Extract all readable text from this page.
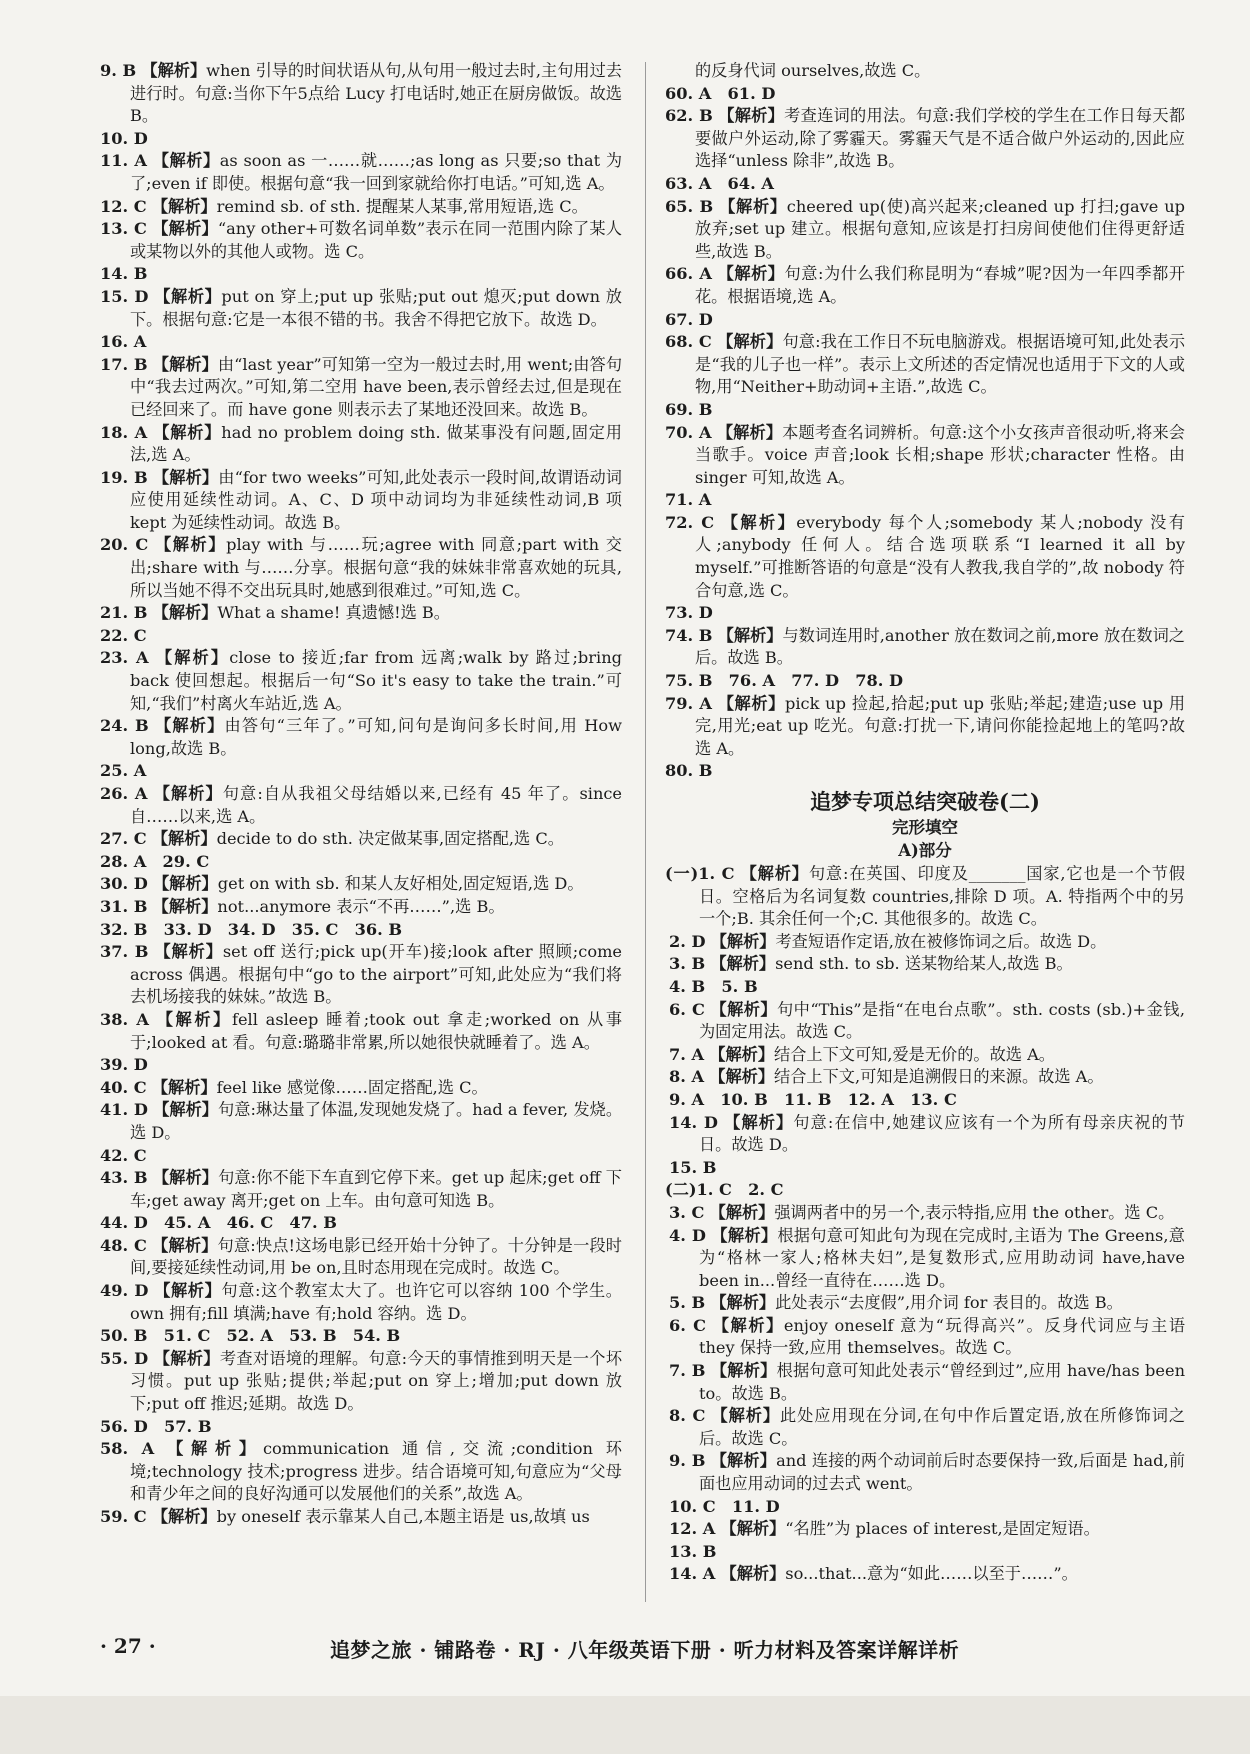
9. B 【解析】when 引导的时间状语从句,从句用一般过去时,主句用过去进行时。句意:当你下午5点给 Lucy 打电话时,她正在厨房做饭。故选 B。

10. D

11. A 【解析】as soon as 一……就……;as long as 只要;so that 为了;even if 即使。根据句意“我一回到家就给你打电话。”可知,选 A。

12. C 【解析】remind sb. of sth. 提醒某人某事,常用短语,选 C。

13. C 【解析】“any other+可数名词单数”表示在同一范围内除了某人或某物以外的其他人或物。选 C。

14. B

15. D 【解析】put on 穿上;put up 张贴;put out 熄灭;put down 放下。根据句意:它是一本很不错的书。我舍不得把它放下。故选 D。

16. A

17. B 【解析】由“last year”可知第一空为一般过去时,用 went;由答句中“我去过两次。”可知,第二空用 have been,表示曾经去过,但是现在已经回来了。而 have gone 则表示去了某地还没回来。故选 B。

18. A 【解析】had no problem doing sth. 做某事没有问题,固定用法,选 A。

19. B 【解析】由“for two weeks”可知,此处表示一段时间,故谓语动词应使用延续性动词。A、C、D 项中动词均为非延续性动词,B 项 kept 为延续性动词。故选 B。

20. C 【解析】play with 与……玩;agree with 同意;part with 交出;share with 与……分享。根据句意“我的妹妹非常喜欢她的玩具,所以当她不得不交出玩具时,她感到很难过。”可知,选 C。

21. B 【解析】What a shame! 真遗憾!选 B。

22. C

23. A 【解析】close to 接近;far from 远离;walk by 路过;bring back 使回想起。根据后一句“So it's easy to take the train.”可知,“我们”村离火车站近,选 A。

24. B 【解析】由答句“三年了。”可知,问句是询问多长时间,用 How long,故选 B。

25. A

26. A 【解析】句意:自从我祖父母结婚以来,已经有 45 年了。since 自……以来,选 A。

27. C 【解析】decide to do sth. 决定做某事,固定搭配,选 C。

28. A　29. C

30. D 【解析】get on with sb. 和某人友好相处,固定短语,选 D。

31. B 【解析】not...anymore 表示“不再……”,选 B。

32. B　33. D　34. D　35. C　36. B

37. B 【解析】set off 送行;pick up(开车)接;look after 照顾;come across 偶遇。根据句中“go to the airport”可知,此处应为“我们将去机场接我的妹妹。”故选 B。

38. A 【解析】fell asleep 睡着;took out 拿走;worked on 从事于;looked at 看。句意:璐璐非常累,所以她很快就睡着了。选 A。

39. D

40. C 【解析】feel like 感觉像……固定搭配,选 C。

41. D 【解析】句意:琳达量了体温,发现她发烧了。had a fever, 发烧。选 D。

42. C

43. B 【解析】句意:你不能下车直到它停下来。get up 起床;get off 下车;get away 离开;get on 上车。由句意可知选 B。

44. D　45. A　46. C　47. B

48. C 【解析】句意:快点!这场电影已经开始十分钟了。十分钟是一段时间,要接延续性动词,用 be on,且时态用现在完成时。故选 C。

49. D 【解析】句意:这个教室太大了。也许它可以容纳 100 个学生。own 拥有;fill 填满;have 有;hold 容纳。选 D。

50. B　51. C　52. A　53. B　54. B

55. D 【解析】考查对语境的理解。句意:今天的事情推到明天是一个坏习惯。put up 张贴;提供;举起;put on 穿上;增加;put down 放下;put off 推迟;延期。故选 D。

56. D　57. B

58. A 【解析】communication 通信,交流;condition 环境;technology 技术;progress 进步。结合语境可知,句意应为“父母和青少年之间的良好沟通可以发展他们的关系”,故选 A。

59. C 【解析】by oneself 表示靠某人自己,本题主语是 us,故填 us

的反身代词 ourselves,故选 C。

60. A　61. D

62. B 【解析】考查连词的用法。句意:我们学校的学生在工作日每天都要做户外运动,除了雾霾天。雾霾天气是不适合做户外运动的,因此应选择“unless 除非”,故选 B。

63. A　64. A

65. B 【解析】cheered up(使)高兴起来;cleaned up 打扫;gave up 放弃;set up 建立。根据句意知,应该是打扫房间使他们住得更舒适些,故选 B。

66. A 【解析】句意:为什么我们称昆明为“春城”呢?因为一年四季都开花。根据语境,选 A。

67. D

68. C 【解析】句意:我在工作日不玩电脑游戏。根据语境可知,此处表示是“我的儿子也一样”。表示上文所述的否定情况也适用于下文的人或物,用“Neither+助动词+主语.”,故选 C。

69. B

70. A 【解析】本题考查名词辨析。句意:这个小女孩声音很动听,将来会当歌手。voice 声音;look 长相;shape 形状;character 性格。由 singer 可知,故选 A。

71. A

72. C 【解析】everybody 每个人;somebody 某人;nobody 没有人;anybody 任何人。结合选项联系“I learned it all by myself.”可推断答语的句意是“没有人教我,我自学的”,故 nobody 符合句意,选 C。

73. D

74. B 【解析】与数词连用时,another 放在数词之前,more 放在数词之后。故选 B。

75. B　76. A　77. D　78. D

79. A 【解析】pick up 捡起,拾起;put up 张贴;举起;建造;use up 用完,用光;eat up 吃光。句意:打扰一下,请问你能捡起地上的笔吗?故选 A。

80. B

追梦专项总结突破卷(二)
完形填空
A)部分

(一)1. C 【解析】句意:在英国、印度及_______国家,它也是一个节假日。空格后为名词复数 countries,排除 D 项。A. 特指两个中的另一个;B. 其余任何一个;C. 其他很多的。故选 C。

2. D 【解析】考查短语作定语,放在被修饰词之后。故选 D。

3. B 【解析】send sth. to sb. 送某物给某人,故选 B。

4. B　5. B

6. C 【解析】句中“This”是指“在电台点歌”。sth. costs (sb.)+金钱,为固定用法。故选 C。

7. A 【解析】结合上下文可知,爱是无价的。故选 A。

8. A 【解析】结合上下文,可知是追溯假日的来源。故选 A。

9. A　10. B　11. B　12. A　13. C

14. D 【解析】句意:在信中,她建议应该有一个为所有母亲庆祝的节日。故选 D。

15. B

(二)1. C　2. C

3. C 【解析】强调两者中的另一个,表示特指,应用 the other。选 C。

4. D 【解析】根据句意可知此句为现在完成时,主语为 The Greens,意为“格林一家人;格林夫妇”,是复数形式,应用助动词 have,have been in...曾经一直待在……选 D。

5. B 【解析】此处表示“去度假”,用介词 for 表目的。故选 B。

6. C 【解析】enjoy oneself 意为“玩得高兴”。反身代词应与主语 they 保持一致,应用 themselves。故选 C。

7. B 【解析】根据句意可知此处表示“曾经到过”,应用 have/has been to。故选 B。

8. C 【解析】此处应用现在分词,在句中作后置定语,放在所修饰词之后。故选 C。

9. B 【解析】and 连接的两个动词前后时态要保持一致,后面是 had,前面也应用动词的过去式 went。

10. C　11. D

12. A 【解析】“名胜”为 places of interest,是固定短语。

13. B

14. A 【解析】so...that...意为“如此……以至于……”。

· 27 ·	追梦之旅 · 铺路卷 · RJ · 八年级英语下册 · 听力材料及答案详解详析
